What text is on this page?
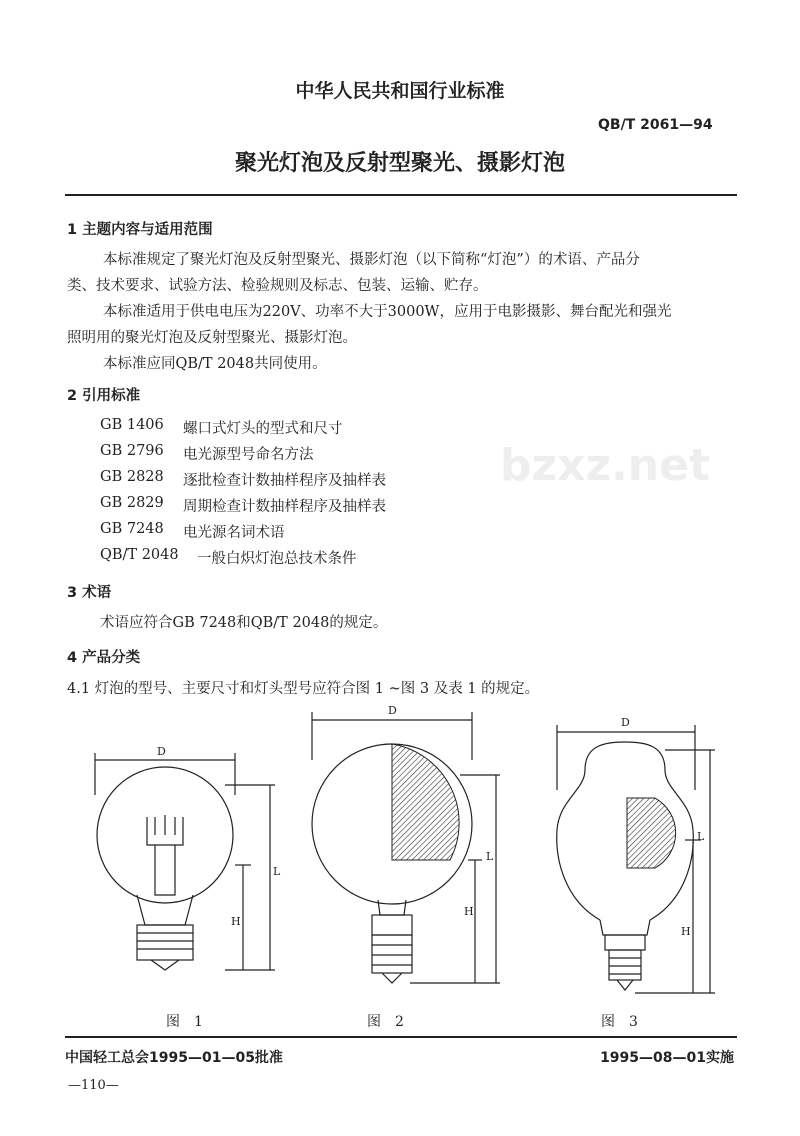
中华人民共和国行业标准
QB/T 2061—94
bzxz.net
聚光灯泡及反射型聚光、摄影灯泡
1 主题内容与适用范围
本标准规定了聚光灯泡及反射型聚光、摄影灯泡（以下简称“灯泡”）的术语、产品分
类、技术要求、试验方法、检验规则及标志、包装、运输、贮存。
本标准适用于供电电压为220V、功率不大于3000W，应用于电影摄影、舞台配光和强光
照明用的聚光灯泡及反射型聚光、摄影灯泡。
本标准应同QB/T 2048共同使用。
2 引用标准
GB 1406 螺口式灯头的型式和尺寸
GB 2796 电光源型号命名方法
GB 2828 逐批检查计数抽样程序及抽样表
GB 2829 周期检查计数抽样程序及抽样表
GB 7248 电光源名词术语
QB/T 2048 一般白炽灯泡总技术条件
3 术语
术语应符合GB 7248和QB/T 2048的规定。
4 产品分类
4.1 灯泡的型号、主要尺寸和灯头型号应符合图 1 ~图 3 及表 1 的规定。
D
L
H
D
L
H
D
L
H
图　1	图　2	图　3
中国轻工总会1995—01—05批准	1995—08—01实施
—110—
